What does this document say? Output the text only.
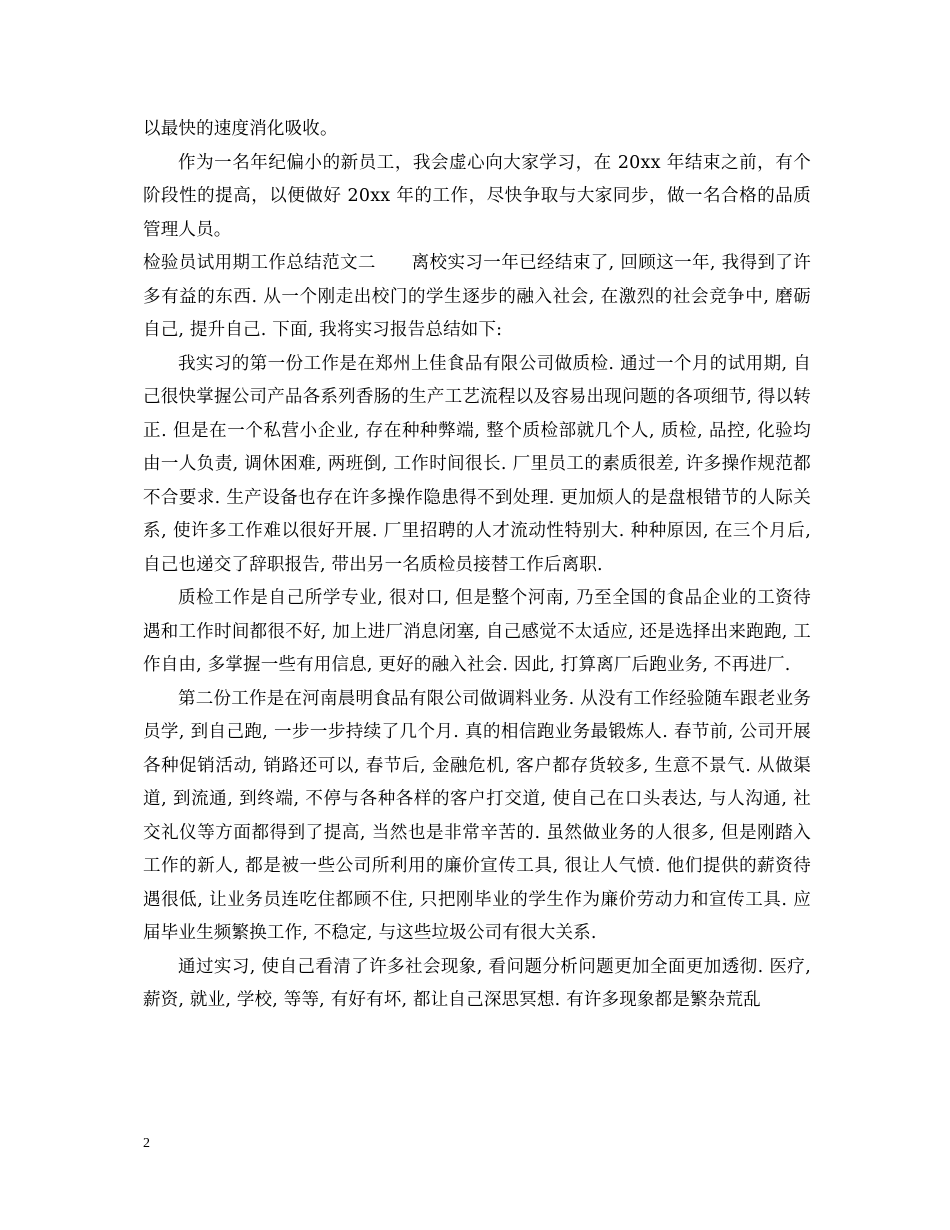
以最快的速度消化吸收。

作为一名年纪偏小的新员工，我会虚心向大家学习，在 20xx 年结束之前，有个阶段性的提高，以便做好 20xx 年的工作，尽快争取与大家同步，做一名合格的品质管理人员。

检验员试用期工作总结范文二　　离校实习一年已经结束了, 回顾这一年, 我得到了许多有益的东西. 从一个刚走出校门的学生逐步的融入社会, 在激烈的社会竞争中, 磨砺自己, 提升自己. 下面, 我将实习报告总结如下:

我实习的第一份工作是在郑州上佳食品有限公司做质检. 通过一个月的试用期, 自己很快掌握公司产品各系列香肠的生产工艺流程以及容易出现问题的各项细节, 得以转正. 但是在一个私营小企业, 存在种种弊端, 整个质检部就几个人, 质检, 品控, 化验均由一人负责, 调休困难, 两班倒, 工作时间很长. 厂里员工的素质很差, 许多操作规范都不合要求. 生产设备也存在许多操作隐患得不到处理. 更加烦人的是盘根错节的人际关系, 使许多工作难以很好开展. 厂里招聘的人才流动性特别大. 种种原因, 在三个月后, 自己也递交了辞职报告, 带出另一名质检员接替工作后离职.

质检工作是自己所学专业, 很对口, 但是整个河南, 乃至全国的食品企业的工资待遇和工作时间都很不好, 加上进厂消息闭塞, 自己感觉不太适应, 还是选择出来跑跑, 工作自由, 多掌握一些有用信息, 更好的融入社会. 因此, 打算离厂后跑业务, 不再进厂.

第二份工作是在河南晨明食品有限公司做调料业务. 从没有工作经验随车跟老业务员学, 到自己跑, 一步一步持续了几个月. 真的相信跑业务最锻炼人. 春节前, 公司开展各种促销活动, 销路还可以, 春节后, 金融危机, 客户都存货较多, 生意不景气. 从做渠道, 到流通, 到终端, 不停与各种各样的客户打交道, 使自己在口头表达, 与人沟通, 社交礼仪等方面都得到了提高, 当然也是非常辛苦的. 虽然做业务的人很多, 但是刚踏入工作的新人, 都是被一些公司所利用的廉价宣传工具, 很让人气愤. 他们提供的薪资待遇很低, 让业务员连吃住都顾不住, 只把刚毕业的学生作为廉价劳动力和宣传工具. 应届毕业生频繁换工作, 不稳定, 与这些垃圾公司有很大关系.

通过实习, 使自己看清了许多社会现象, 看问题分析问题更加全面更加透彻. 医疗, 薪资, 就业, 学校, 等等, 有好有坏, 都让自己深思冥想. 有许多现象都是繁杂荒乱

2
